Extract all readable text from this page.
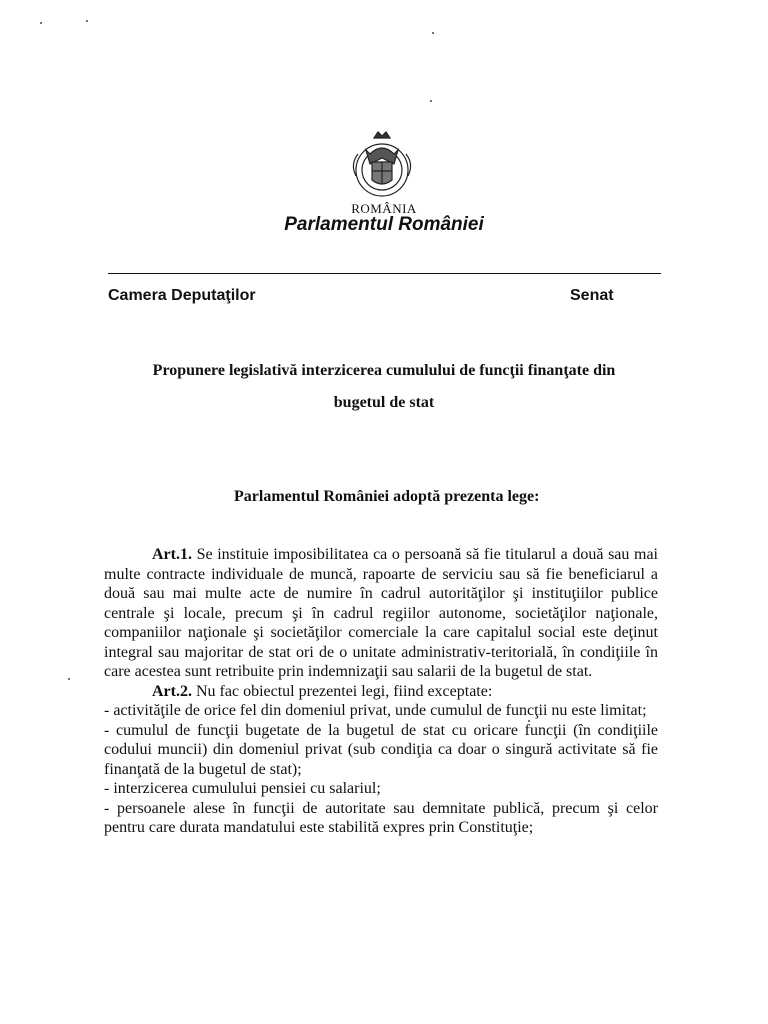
ROMÂNIA
Parlamentul României
Camera Deputaţilor	Senat
Propunere legislativă interzicerea cumulului de funcţii finanţate din
bugetul de stat
Parlamentul României adoptă prezenta lege:

Art.1. Se instituie imposibilitatea ca o persoană să fie titularul a două sau mai multe contracte individuale de muncă, rapoarte de serviciu sau să fie beneficiarul a două sau mai multe acte de numire în cadrul autorităţilor şi instituţiilor publice centrale şi locale, precum şi în cadrul regiilor autonome, societăţilor naţionale, companiilor naţionale şi societăţilor comerciale la care capitalul social este deţinut integral sau majoritar de stat ori de o unitate administrativ-teritorială, în condiţiile în care acestea sunt retribuite prin indemnizaţii sau salarii de la bugetul de stat.

Art.2. Nu fac obiectul prezentei legi, fiind exceptate:

- activităţile de orice fel din domeniul privat, unde cumulul de funcţii nu este limitat;

- cumulul de funcţii bugetate de la bugetul de stat cu oricare funcţii (în condiţiile codului muncii) din domeniul privat (sub condiţia ca doar o singură activitate să fie finanţată de la bugetul de stat);

- interzicerea cumulului pensiei cu salariul;

- persoanele alese în funcţii de autoritate sau demnitate publică, precum şi celor pentru care durata mandatului este stabilită expres prin Constituţie;
